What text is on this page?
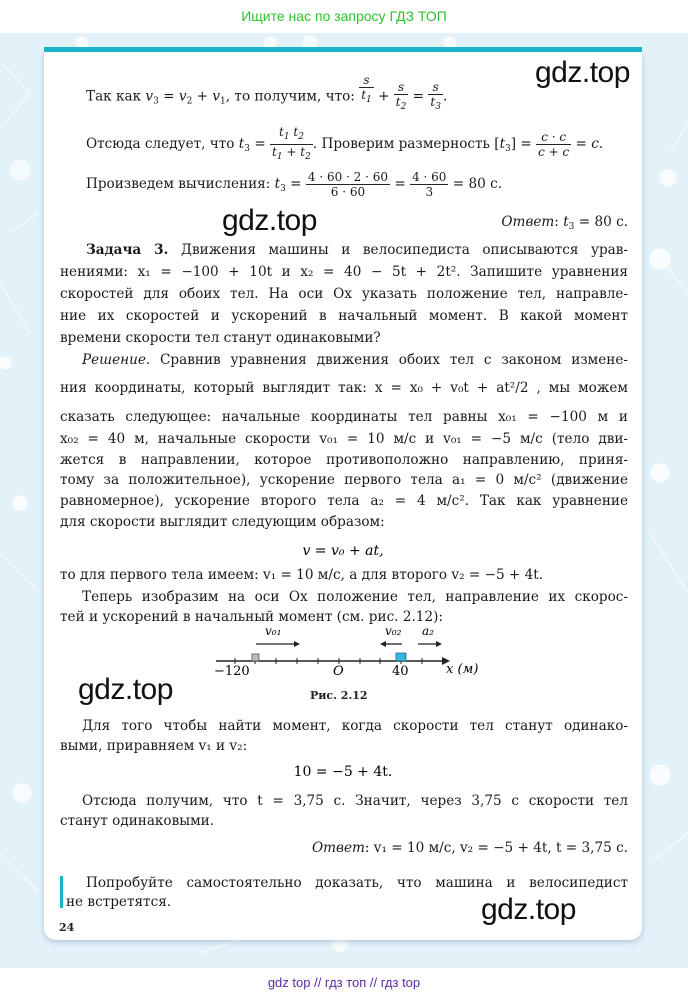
Ищите нас по запросу ГДЗ ТОП
gdz.top
gdz.top
gdz.top
gdz.top
Так как $v_3 = v_2 + v_1$, то получим, что: $\frac{s}{t_1} + \frac{s}{t_2} = \frac{s}{t_3}$ .
Отсюда следует, что $t_3 = \frac{t_1 t_2}{t_1 + t_2}$ . Проверим размерность $[t_3] = \frac{c \cdot c}{c + c} = c$.
Произведем вычисления: $t_3 = \frac{4 \cdot 60 \cdot 2 \cdot 60}{6 \cdot 60} = \frac{4 \cdot 60}{3} = 80$ с.
Ответ: $t_3 = 80$ с.
Задача 3. Движения машины и велосипедиста описываются урав-
нениями: x₁ = −100 + 10t и x₂ = 40 − 5t + 2t². Запишите уравнения
скоростей для обоих тел. На оси Ox указать положение тел, направле-
ние их скоростей и ускорений в начальный момент. В какой момент
времени скорости тел станут одинаковыми?
Решение. Сравнив уравнения движения обоих тел с законом измене-
ния координаты, который выглядит так: x = x₀ + v₀t + at²/2 , мы можем
сказать следующее: начальные координаты тел равны x₀₁ = −100 м и
x₀₂ = 40 м, начальные скорости v₀₁ = 10 м/с и v₀₁ = −5 м/с (тело дви-
жется в направлении, которое противоположно направлению, приня-
тому за положительное), ускорение первого тела a₁ = 0 м/с² (движение
равномерное), ускорение второго тела a₂ = 4 м/с². Так как уравнение
для скорости выглядит следующим образом:
v = v₀ + at,
то для первого тела имеем: v₁ = 10 м/с, а для второго v₂ = −5 + 4t.
Теперь изобразим на оси Ox положение тел, направление их скорос-
тей и ускорений в начальный момент (см. рис. 2.12):
v₀₁	v₀₂ a₂
−120	O	40	x (м)
Рис. 2.12
Для того чтобы найти момент, когда скорости тел станут одинако-
выми, приравняем v₁ и v₂:
10 = −5 + 4t.
Отсюда получим, что t = 3,75 с. Значит, через 3,75 с скорости тел
станут одинаковыми.
Ответ: v₁ = 10 м/с, v₂ = −5 + 4t, t = 3,75 с.
Попробуйте самостоятельно доказать, что машина и велосипедист
не встретятся.
24
gdz top // гдз топ // гдз top
